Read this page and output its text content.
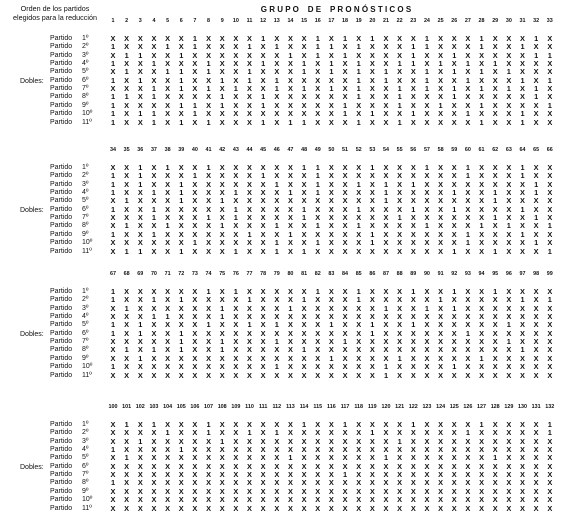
Orden de los partidos
elegidos para la reducción
G R U P O    D E    P R O N Ó S T I C O S
1	2	3	4	5	6	7	8	9	10	11	12	13	14	15	16	17	18	19	20	21	22	23	24	25	26	27	28	29	30	31	32	33
Dobles:
Partido 1º	X	X	X	X	X	X	1	X	X	X	X	1	X	X	X	1	X	1	X	1	X	X	X	1	X	X	X	1	X	X	X	1	X
Partido 2º	1	X	X	X	1	X	1	X	X	X	1	X	1	X	X	1	1	X	1	X	X	X	1	1	X	X	X	1	X	X	1	X	X
Partido 3º	X	1	1	X	X	1	X	X	X	X	X	X	X	1	X	1	X	1	X	X	X	X	1	X	X	1	X	X	X	X	X	1	1
Partido 4º	1	X	X	1	X	X	X	1	X	X	X	1	X	X	1	X	1	X	1	X	X	1	1	X	1	X	1	X	1	X	X	X	X
Partido 5º	X	1	X	X	1	1	X	1	X	X	1	X	X	X	1	X	1	X	1	X	1	X	X	1	X	1	X	1	X	1	X	X	X
Partido 6º	1	X	1	X	X	1	X	X	1	X	1	X	1	X	X	X	X	X	1	X	1	X	X	1	X	X	1	X	X	X	1	X	1
Partido 7º	X	X	X	1	X	1	X	1	X	1	X	X	1	X	1	X	1	X	1	X	X	1	X	1	X	1	X	1	X	1	X	1	X
Partido 8º	1	1	X	1	X	X	X	X	1	X	X	1	X	X	X	X	X	X	1	X	X	1	X	X	X	1	X	X	X	X	X	1	X
Partido 9º	1	X	X	X	X	1	1	X	1	X	X	1	X	X	X	X	X	1	X	X	X	1	X	X	1	X	X	1	X	X	X	X	1
Partido 10º	1	X	1	1	X	X	1	X	X	X	X	X	X	X	X	X	X	1	X	1	X	X	1	X	X	X	1	X	X	X	1	X	X
Partido 11º	1	X	X	1	X	1	X	1	X	X	X	1	X	1	1	X	X	X	1	X	X	1	X	X	X	X	X	1	X	X	1	X	X
34	35	36	37	38	39	40	41	42	43	44	45	46	47	48	49	50	51	52	53	54	55	56	57	58	59	60	61	62	63	64	65	66
Dobles:
Partido 1º	X	X	1	X	1	X	X	1	X	X	X	X	X	X	1	1	X	X	X	1	X	X	X	1	X	X	1	X	X	X	1	X	X
Partido 2º	1	X	1	X	X	X	1	X	X	X	X	1	X	X	X	1	X	X	X	X	X	X	X	X	X	X	1	X	X	X	1	X	X
Partido 3º	1	X	1	X	X	1	X	X	X	X	X	X	1	X	X	1	X	X	1	X	1	X	1	X	X	X	X	X	X	X	X	1	X
Partido 4º	1	X	X	1	X	1	X	X	X	1	X	X	X	1	X	1	X	X	X	X	1	X	X	X	X	1	X	X	1	X	X	1	X
Partido 5º	X	1	X	X	X	1	X	X	1	X	X	X	X	X	X	X	X	X	X	X	1	X	X	X	X	X	X	X	1	X	X	X	X
Partido 6º	1	X	X	1	X	X	X	X	X	1	X	X	X	X	1	X	X	X	1	X	X	X	1	X	X	1	X	X	X	X	1	X	X
Partido 7º	X	X	X	1	X	X	X	1	X	1	X	X	X	X	1	X	X	X	X	X	X	1	X	X	X	X	X	X	1	X	X	1	X
Partido 8º	X	1	X	X	1	X	X	X	1	X	X	X	1	X	X	1	X	X	1	X	X	X	X	1	X	X	X	1	X	1	X	X	1
Partido 9º	1	X	X	1	X	X	X	X	X	X	1	X	X	1	X	X	X	X	X	1	X	X	X	X	X	X	1	X	X	X	1	X	X
Partido 10º	X	X	X	X	X	X	1	X	X	X	X	X	1	X	X	1	X	X	X	1	X	X	X	X	X	X	1	X	X	X	X	1	X
Partido 11º	X	1	1	X	X	1	X	X	X	1	X	X	1	X	1	X	X	X	X	X	X	X	X	X	X	1	X	X	1	X	X	X	1
67	68	69	70	71	72	73	74	75	76	77	78	79	80	81	82	83	84	85	86	87	88	89	90	91	92	93	94	95	96	97	98	99
Dobles:
Partido 1º	1	X	X	X	X	X	X	1	X	1	X	X	X	X	X	1	X	X	1	X	X	X	1	X	X	1	X	X	1	X	X	X	X
Partido 2º	1	X	X	1	X	1	X	X	X	X	1	X	X	X	1	X	X	X	1	X	X	X	X	X	1	X	X	X	X	X	1	X	1
Partido 3º	X	1	X	X	X	X	X	X	1	X	X	X	X	1	X	X	X	X	X	X	1	X	X	1	X	1	X	X	X	X	X	X	X
Partido 4º	X	X	X	1	1	X	X	X	1	X	X	X	X	X	X	X	X	X	X	X	X	X	X	X	X	X	X	X	X	X	X	X	X
Partido 5º	1	X	1	X	X	X	X	1	X	X	1	X	1	X	X	X	1	X	X	1	X	X	1	X	X	X	X	X	X	1	X	X	X
Partido 6º	1	X	1	X	X	1	X	X	X	X	X	X	X	X	X	X	X	X	X	1	X	X	X	X	X	X	1	X	X	X	X	X	X
Partido 7º	X	X	X	X	X	1	X	X	1	X	X	X	1	X	X	X	X	1	X	X	X	X	X	X	X	X	X	X	X	1	X	X	X
Partido 8º	X	1	X	1	X	1	X	X	1	X	X	X	X	X	1	X	X	X	X	X	X	X	X	X	X	X	X	X	X	X	1	X	X
Partido 9º	X	X	1	X	X	X	X	X	X	X	X	X	X	X	X	X	1	X	X	X	X	1	X	X	X	X	X	1	X	X	X	X	X
Partido 10º	1	X	X	X	X	X	X	X	X	X	X	X	1	X	X	X	X	X	X	X	1	X	X	X	X	1	X	X	X	X	X	X	X
Partido 11º	X	X	X	X	X	X	X	X	X	X	X	X	X	X	X	X	X	X	X	X	1	X	X	X	X	X	X	X	X	X	X	X	X
100 101 102 103 104 105 106 107 108 109 110 111 112 113 114 115 116 117 118 119 120 121 122 123 124 125 126 127 128 129 130 131 132
Dobles:
Partido 1º	X	1	X	1	X	X	X	1	X	X	X	X	X	X	1	X	X	1	X	X	X	X	1	X	X	X	X	1	X	X	X	X	1
Partido 2º	X	X	X	X	1	X	X	1	X	X	1	X	1	X	X	X	X	X	X	1	X	X	X	X	X	X	1	X	X	X	X	X	1
Partido 3º	X	X	1	X	X	X	X	X	1	X	X	X	X	X	X	X	X	X	X	X	X	1	X	X	X	X	X	X	X	X	X	X	X
Partido 4º	1	X	X	X	X	1	X	X	X	X	X	X	X	X	X	X	X	X	X	X	X	X	X	X	X	X	X	X	X	X	X	X	X
Partido 5º	X	1	X	X	X	X	X	X	X	X	X	X	X	1	X	X	X	X	X	X	1	X	X	X	X	X	X	X	1	X	X	X	X
Partido 6º	X	X	X	X	X	X	X	X	X	X	X	X	X	X	X	X	X	X	X	X	X	X	X	X	X	X	X	X	X	X	X	X	X
Partido 7º	X	X	X	X	X	X	X	X	X	X	X	X	X	X	X	X	X	1	X	X	X	X	X	X	X	X	X	X	X	X	X	X	X
Partido 8º	1	X	X	X	X	X	X	X	X	X	X	X	X	X	X	X	X	X	X	X	X	X	X	X	X	X	X	X	X	X	X	X	X
Partido 9º	X	X	X	X	X	X	X	X	X	X	X	X	X	X	X	X	X	X	X	X	X	X	X	X	X	X	X	X	X	X	X	X	X
Partido 10º	X	X	X	X	X	X	X	X	X	X	X	X	X	X	X	X	X	X	X	X	X	X	X	X	X	X	X	X	X	X	X	X	X
Partido 11º	X	X	X	X	X	X	X	X	X	X	X	X	X	X	X	X	X	X	X	X	X	X	X	X	X	X	X	X	X	X	X	X	X
